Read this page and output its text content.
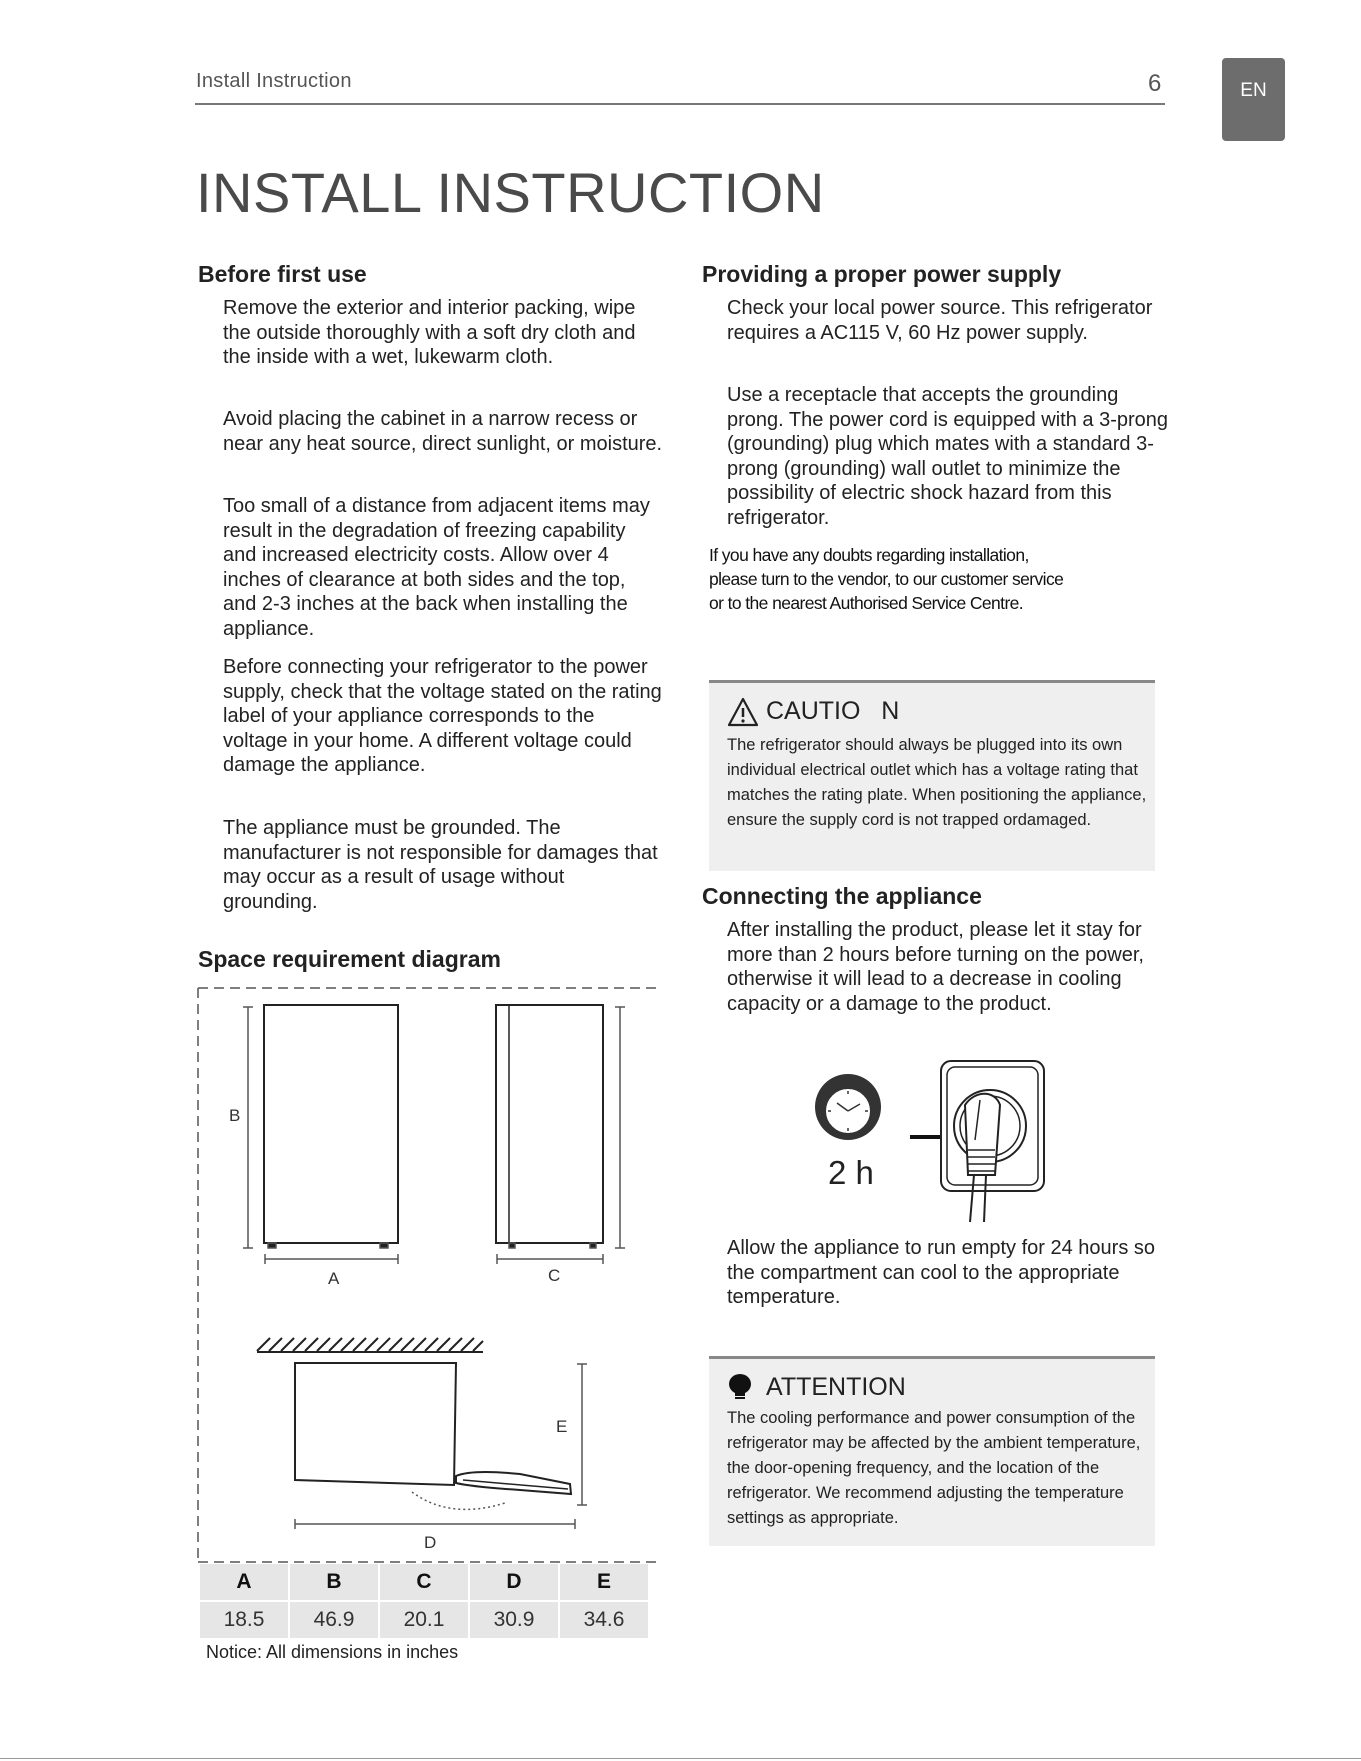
Install Instruction	6	EN
INSTALL INSTRUCTION
Before first use
Remove the exterior and interior packing, wipe the outside thoroughly with a soft dry cloth and the inside with a wet, lukewarm cloth.
Avoid placing the cabinet in a narrow recess or near any heat source, direct sunlight, or moisture.
Too small of a distance from adjacent items may result in the degradation of freezing capability and increased electricity costs. Allow over 4 inches of clearance at both sides and the top, and 2-3 inches at the back when installing the appliance.
Before connecting your refrigerator to the power supply, check that the voltage stated on the rating label of your appliance corresponds to the voltage in your home. A different voltage could damage the appliance.
The appliance must be grounded. The manufacturer is not responsible for damages that may occur as a result of usage without grounding.
Space requirement diagram
B
A	C
E
D
A	B	C	D	E
18.5	46.9	20.1	30.9	34.6
Notice: All dimensions in inches
Providing a proper power supply
Check your local power source. This refrigerator requires a AC115 V, 60 Hz power supply.
Use a receptacle that accepts the grounding prong. The power cord is equipped with a 3-prong (grounding) plug which mates with a standard 3-prong (grounding) wall outlet to minimize the possibility of electric shock hazard from this refrigerator.
If you have any doubts regarding installation, please turn to the vendor, to our customer service or to the nearest Authorised Service Centre.
CAUTIO   N
The refrigerator should always be plugged into its own individual electrical outlet which has a voltage rating that matches the rating plate. When positioning the appliance, ensure the supply cord is not trapped ordamaged.
Connecting the appliance
After installing the product, please let it stay for more than 2 hours before turning on the power, otherwise it will lead to a decrease in cooling capacity or a damage to the product.
2 h
Allow the appliance to run empty for 24 hours so the compartment can cool to the appropriate temperature.
ATTENTION
The cooling performance and power consumption of the refrigerator may be affected by the ambient temperature, the door-opening frequency, and the location of the refrigerator. We recommend adjusting the temperature settings as appropriate.
